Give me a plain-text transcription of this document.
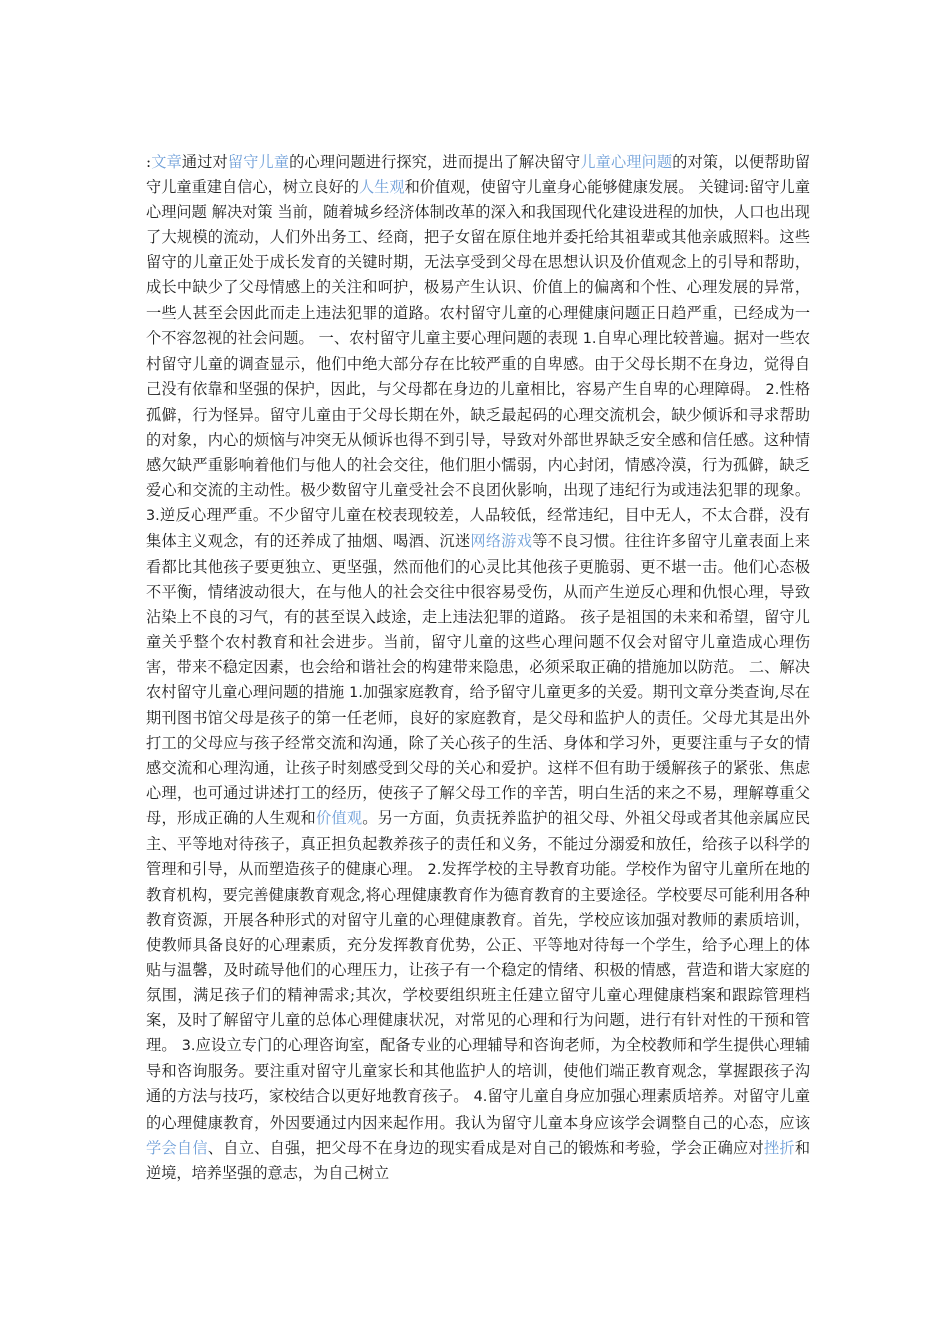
:文章通过对留守儿童的心理问题进行探究，进而提出了解决留守儿童心理问题的对策，以便帮助留守儿童重建自信心，树立良好的人生观和价值观，使留守儿童身心能够健康发展。 关键词:留守儿童 心理问题 解决对策 当前，随着城乡经济体制改革的深入和我国现代化建设进程的加快，人口也出现了大规模的流动，人们外出务工、经商，把子女留在原住地并委托给其祖辈或其他亲戚照料。这些留守的儿童正处于成长发育的关键时期，无法享受到父母在思想认识及价值观念上的引导和帮助，成长中缺少了父母情感上的关注和呵护，极易产生认识、价值上的偏离和个性、心理发展的异常，一些人甚至会因此而走上违法犯罪的道路。农村留守儿童的心理健康问题正日趋严重，已经成为一个不容忽视的社会问题。 一、农村留守儿童主要心理问题的表现 1.自卑心理比较普遍。据对一些农村留守儿童的调查显示，他们中绝大部分存在比较严重的自卑感。由于父母长期不在身边，觉得自己没有依靠和坚强的保护，因此，与父母都在身边的儿童相比，容易产生自卑的心理障碍。 2.性格孤僻，行为怪异。留守儿童由于父母长期在外，缺乏最起码的心理交流机会，缺少倾诉和寻求帮助的对象，内心的烦恼与冲突无从倾诉也得不到引导，导致对外部世界缺乏安全感和信任感。这种情感欠缺严重影响着他们与他人的社会交往，他们胆小懦弱，内心封闭，情感冷漠，行为孤僻，缺乏爱心和交流的主动性。极少数留守儿童受社会不良团伙影响，出现了违纪行为或违法犯罪的现象。3.逆反心理严重。不少留守儿童在校表现较差，人品较低，经常违纪，目中无人，不太合群，没有集体主义观念，有的还养成了抽烟、喝酒、沉迷网络游戏等不良习惯。往往许多留守儿童表面上来看都比其他孩子要更独立、更坚强，然而他们的心灵比其他孩子更脆弱、更不堪一击。他们心态极不平衡，情绪波动很大，在与他人的社会交往中很容易受伤，从而产生逆反心理和仇恨心理，导致沾染上不良的习气，有的甚至误入歧途，走上违法犯罪的道路。 孩子是祖国的未来和希望，留守儿童关乎整个农村教育和社会进步。当前，留守儿童的这些心理问题不仅会对留守儿童造成心理伤害，带来不稳定因素，也会给和谐社会的构建带来隐患，必须采取正确的措施加以防范。 二、解决农村留守儿童心理问题的措施 1.加强家庭教育，给予留守儿童更多的关爱。期刊文章分类查询,尽在期刊图书馆父母是孩子的第一任老师，良好的家庭教育，是父母和监护人的责任。父母尤其是出外打工的父母应与孩子经常交流和沟通，除了关心孩子的生活、身体和学习外，更要注重与子女的情感交流和心理沟通，让孩子时刻感受到父母的关心和爱护。这样不但有助于缓解孩子的紧张、焦虑心理，也可通过讲述打工的经历，使孩子了解父母工作的辛苦，明白生活的来之不易，理解尊重父母，形成正确的人生观和价值观。另一方面，负责抚养监护的祖父母、外祖父母或者其他亲属应民主、平等地对待孩子，真正担负起教养孩子的责任和义务，不能过分溺爱和放任，给孩子以科学的管理和引导，从而塑造孩子的健康心理。 2.发挥学校的主导教育功能。学校作为留守儿童所在地的教育机构，要完善健康教育观念,将心理健康教育作为德育教育的主要途径。学校要尽可能利用各种教育资源，开展各种形式的对留守儿童的心理健康教育。首先，学校应该加强对教师的素质培训，使教师具备良好的心理素质，充分发挥教育优势，公正、平等地对待每一个学生，给予心理上的体贴与温馨，及时疏导他们的心理压力，让孩子有一个稳定的情绪、积极的情感，营造和谐大家庭的氛围，满足孩子们的精神需求;其次，学校要组织班主任建立留守儿童心理健康档案和跟踪管理档案，及时了解留守儿童的总体心理健康状况，对常见的心理和行为问题，进行有针对性的干预和管理。 3.应设立专门的心理咨询室，配备专业的心理辅导和咨询老师，为全校教师和学生提供心理辅导和咨询服务。要注重对留守儿童家长和其他监护人的培训，使他们端正教育观念，掌握跟孩子沟通的方法与技巧，家校结合以更好地教育孩子。 4.留守儿童自身应加强心理素质培养。对留守儿童的心理健康教育，外因要通过内因来起作用。我认为留守儿童本身应该学会调整自己的心态，应该学会自信、自立、自强，把父母不在身边的现实看成是对自己的锻炼和考验，学会正确应对挫折和逆境，培养坚强的意志，为自己树立
